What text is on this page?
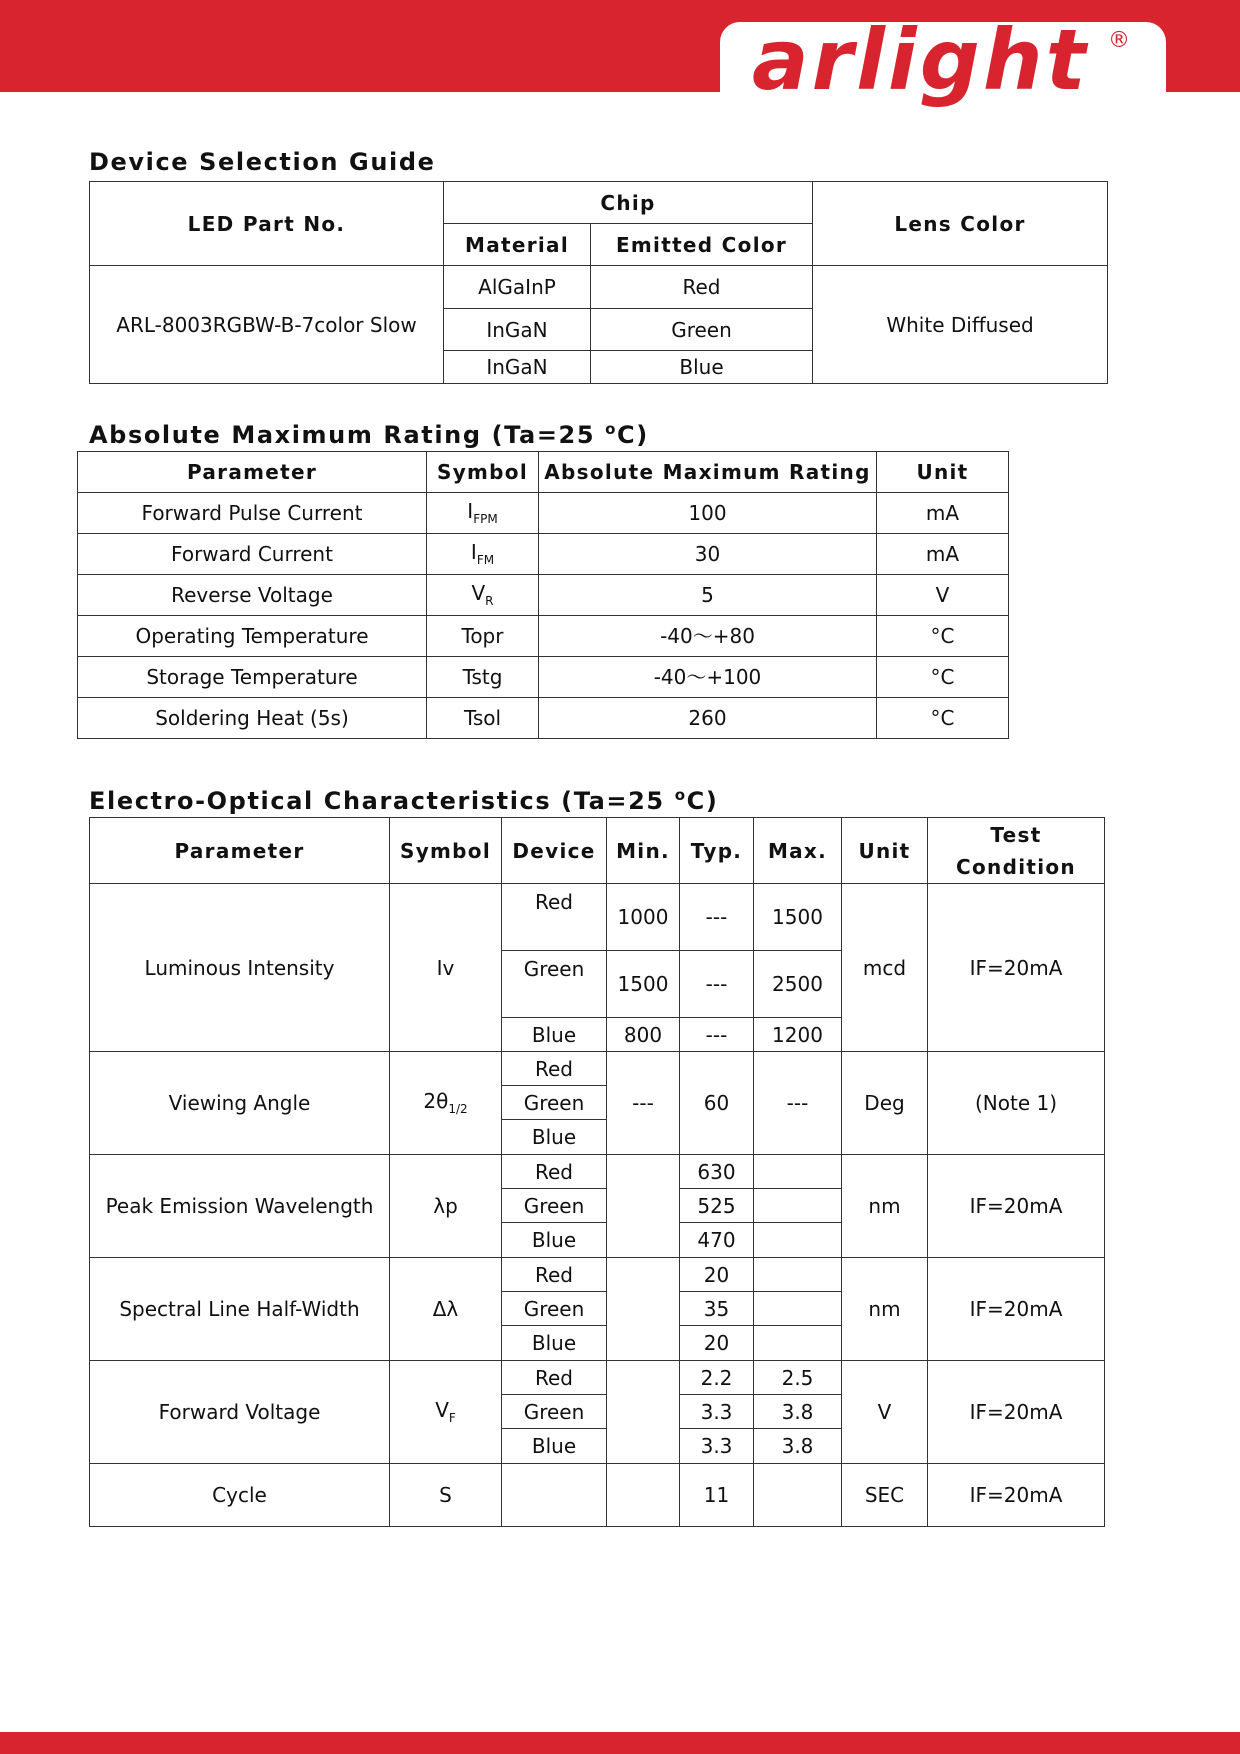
arlight ®
Device Selection Guide
LED Part No.	Chip		Lens Color
	Material	Emitted Color	
ARL-8003RGBW-B-7color Slow	AlGaInP	Red	White Diffused
	InGaN	Green	
	InGaN	Blue	
Absolute Maximum Rating (Ta=25 $^o$C)
Parameter	Symbol	Absolute Maximum Rating	Unit
Forward Pulse Current	$I_{FPM}$	100	mA
Forward Current	$I_{FM}$	30	mA
Reverse Voltage	$V_R$	5	V
Operating Temperature	Topr	-40～+80	°C
Storage Temperature	Tstg	-40～+100	°C
Soldering Heat (5s)	Tsol	260	°C
Electro-Optical Characteristics (Ta=25 $^o$C)
Parameter	Symbol	Device	Min.	Typ.	Max.	Unit	Test Condition
Luminous Intensity	Iv	Red	1000	---	1500	mcd	IF=20mA
		Green	1500	---	2500		
		Blue	800	---	1200		
Viewing Angle	$2\theta_{1/2}$	Red	---	60	---	Deg	(Note 1)
		Green					
		Blue					
Peak Emission Wavelength	λp	Red		630		nm	IF=20mA
		Green		525			
		Blue		470			
Spectral Line Half-Width	Δλ	Red		20		nm	IF=20mA
		Green		35			
		Blue		20			
Forward Voltage	$V_F$	Red		2.2	2.5	V	IF=20mA
		Green		3.3	3.8		
		Blue		3.3	3.8		
Cycle	S			11		SEC	IF=20mA
